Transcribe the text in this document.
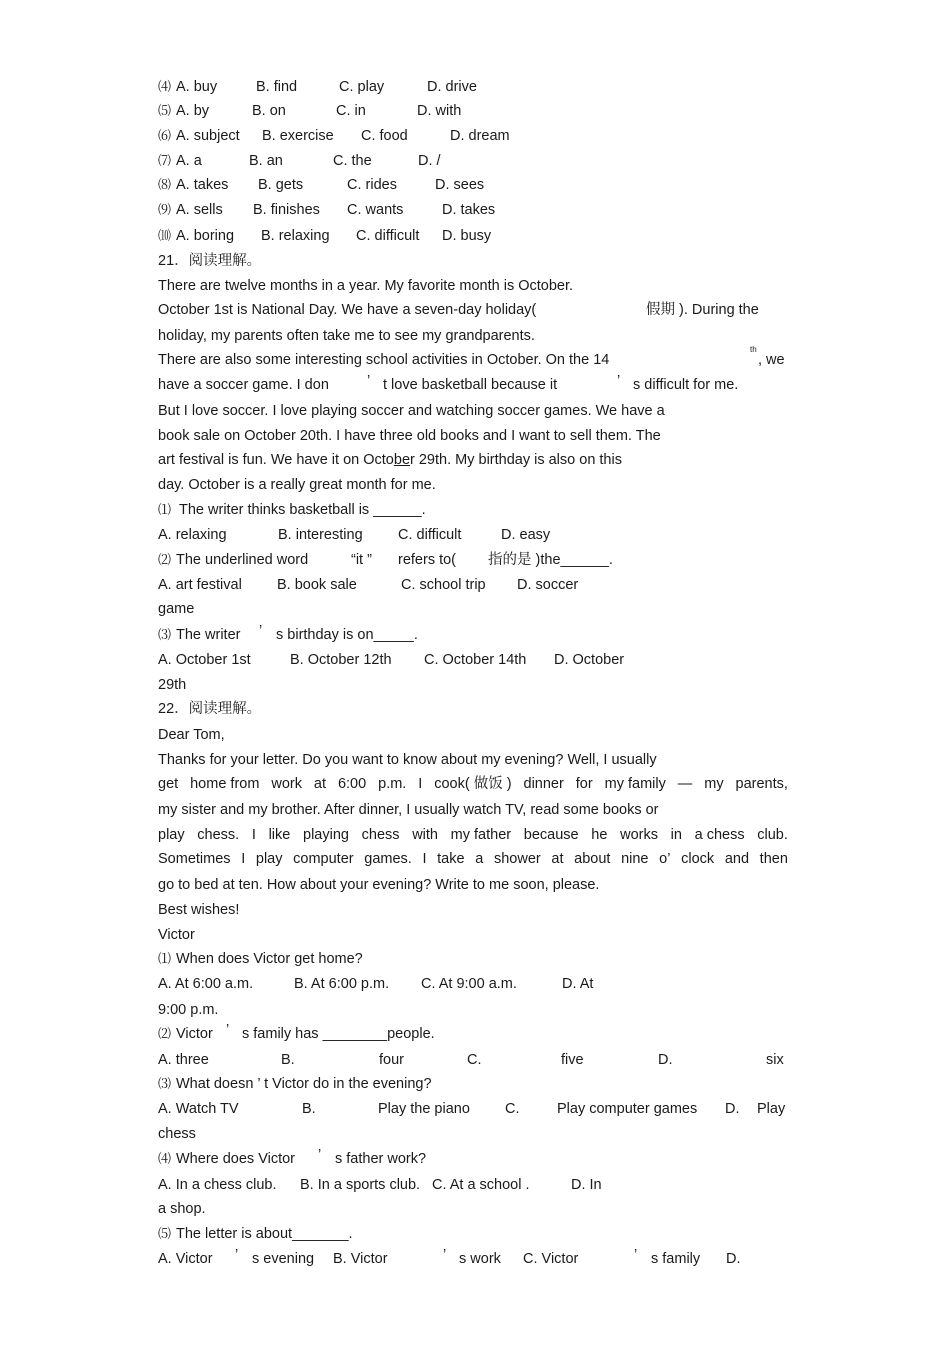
⑷ A. buy	B. find	C. play	D. drive
⑸ A. by	B. on	C. in	D. with
⑹ A. subject B. exercise C. food	D. dream
⑺ A. a	B. an	C. the	D. /
⑻ A. takes B. gets	C. rides	D. sees
⑼ A. sells B. finishes C. wants	D. takes
⑽ A. boring B. relaxing C. difficult D. busy
21．阅读理解。
There are twelve months in a year. My favorite month is October.
October 1st is National Day. We have a seven-day holiday(	假期 ). During the
holiday, my parents often take me to see my grandparents.
There are also some interesting school activities in October. On the 14
th
, we
have a soccer game. I don	’ t love basketball because it	’ s difficult for me.
But I love soccer. I love playing soccer and watching soccer games. We have a
book sale on October 20th. I have three old books and I want to sell them. The
art festival is fun. We have it on October 29th. My birthday is also on this
day. October is a really great month for me.
⑴ The writer thinks basketball is ______.
A. relaxing	B. interesting C. difficult	D. easy
⑵ The underlined word	“it ” refers to( 指的是 )the______.
A. art festival B. book sale	C. school trip D. soccer
game
⑶ The writer ’ s birthday is on_____.
A. October 1st	B. October 12th C. October 14th D. October
29th
22．阅读理解。
Dear Tom,
Thanks for your letter. Do you want to know about my evening? Well, I usually
get home from work at 6:00 p.m. I cook( 做饭 ) dinner for my family — my parents,
my sister and my brother. After dinner, I usually watch TV, read some books or
play chess. I like playing chess with my father because he works in a chess club.
Sometimes I play computer games. I take a shower at about nine o’ clock and then
go to bed at ten. How about your evening? Write to me soon, please.
Best wishes!
Victor
⑴ When does Victor get home?
A. At 6:00 a.m.	B. At 6:00 p.m. C. At 9:00 a.m.	D. At
9:00 p.m.
⑵ Victor ’ s family has ________people.
A. three	B.	four	C.	five	D.	six
⑶ What doesn ’ t Victor do in the evening?
A. Watch TV	B.	Play the piano C.	Play computer games D. Play
chess
⑷ Where does Victor ’ s father work?
A. In a chess club. B. In a sports club. C. At a school .	D. In
a shop.
⑸ The letter is about_______.
A. Victor ’ s evening B. Victor	’ s work C. Victor	’ s family D.
